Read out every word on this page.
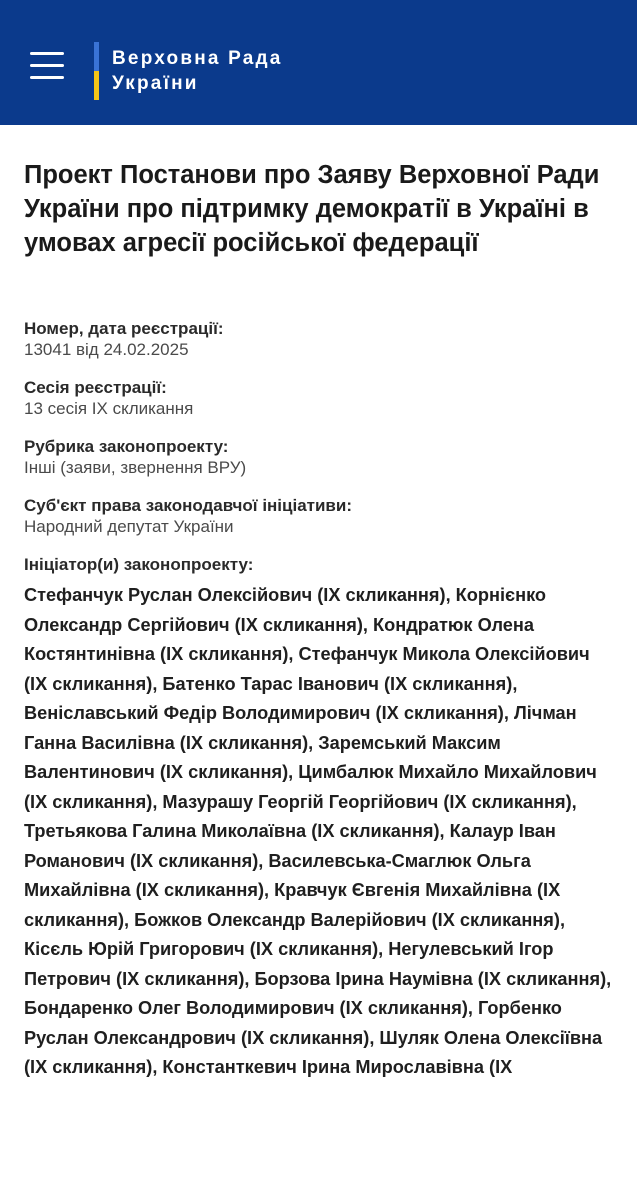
Верховна Рада
України
Проект Постанови про Заяву Верховної Ради України про підтримку демократії в Україні в умовах агресії російської федерації
Номер, дата реєстрації:
13041 від 24.02.2025
Сесія реєстрації:
13 сесія IX скликання
Рубрика законопроекту:
Інші (заяви, звернення ВРУ)
Суб'єкт права законодавчої ініціативи:
Народний депутат України
Ініціатор(и) законопроекту:
Стефанчук Руслан Олексійович (IX скликання), Корнієнко Олександр Сергійович (IX скликання), Кондратюк Олена Костянтинівна (IX скликання), Стефанчук Микола Олексійович (IX скликання), Батенко Тарас Іванович (IX скликання), Веніславський Федір Володимирович (IX скликання), Лічман Ганна Василівна (IX скликання), Заремський Максим Валентинович (IX скликання), Цимбалюк Михайло Михайлович (IX скликання), Мазурашу Георгій Георгійович (IX скликання), Третьякова Галина Миколаївна (IX скликання), Калаур Іван Романович (IX скликання), Василевська-Смаглюк Ольга Михайлівна (IX скликання), Кравчук Євгенія Михайлівна (IX скликання), Божков Олександр Валерійович (IX скликання), Кісєль Юрій Григорович (IX скликання), Негулевський Ігор Петрович (IX скликання), Борзова Ірина Наумівна (IX скликання), Бондаренко Олег Володимирович (IX скликання), Горбенко Руслан Олександрович (IX скликання), Шуляк Олена Олексіївна (IX скликання), Константкевич Ірина Мирославівна (IX
